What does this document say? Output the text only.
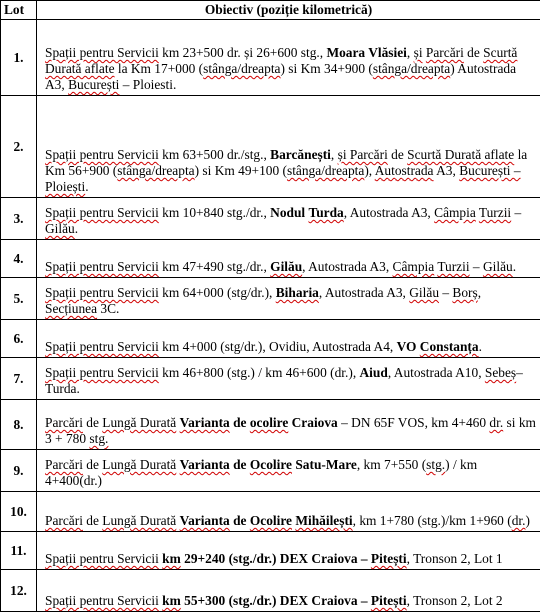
Lot	Obiectiv (poziție kilometrică)
1.	Spații pentru Servicii km 23+500 dr. și 26+600 stg., Moara Vlăsiei, și Parcări de Scurtă Durată aflate la Km 17+000 (stânga/dreapta) si Km 34+900 (stânga/dreapta) Autostrada A3, București – Ploiesti.
2.	Spații pentru Servicii km 63+500 dr./stg., Barcănești, și Parcări de Scurtă Durată aflate la Km 56+900 (stânga/dreapta) si Km 49+100 (stânga/dreapta), Autostrada A3, București – Ploiești.
3.	Spații pentru Servicii km 10+840 stg./dr., Nodul Turda, Autostrada A3, Câmpia Turzii – Gilău.
4.	Spații pentru Servicii km 47+490 stg./dr., Gilău, Autostrada A3, Câmpia Turzii – Gilău.
5.	Spații pentru Servicii km 64+000 (stg/dr.), Biharia, Autostrada A3, Gilău – Borș, Secțiunea 3C.
6.	Spații pentru Servicii km 4+000 (stg/dr.), Ovidiu, Autostrada A4, VO Constanța.
7.	Spații pentru Servicii km 46+800 (stg.) / km 46+600 (dr.), Aiud, Autostrada A10, Sebeș– Turda.
8.	Parcări de Lungă Durată Varianta de ocolire Craiova – DN 65F VOS, km 4+460 dr. si km 3 + 780 stg.
9.	Parcări de Lungă Durată Varianta de Ocolire Satu-Mare, km 7+550 (stg.) / km 4+400(dr.)
10.	Parcări de Lungă Durată Varianta de Ocolire Mihăilești, km 1+780 (stg.)/km 1+960 (dr.)
11.	Spații pentru Servicii km 29+240 (stg./dr.) DEX Craiova – Pitești, Tronson 2, Lot 1
12.	Spații pentru Servicii km 55+300 (stg./dr.) DEX Craiova – Pitești, Tronson 2, Lot 2
